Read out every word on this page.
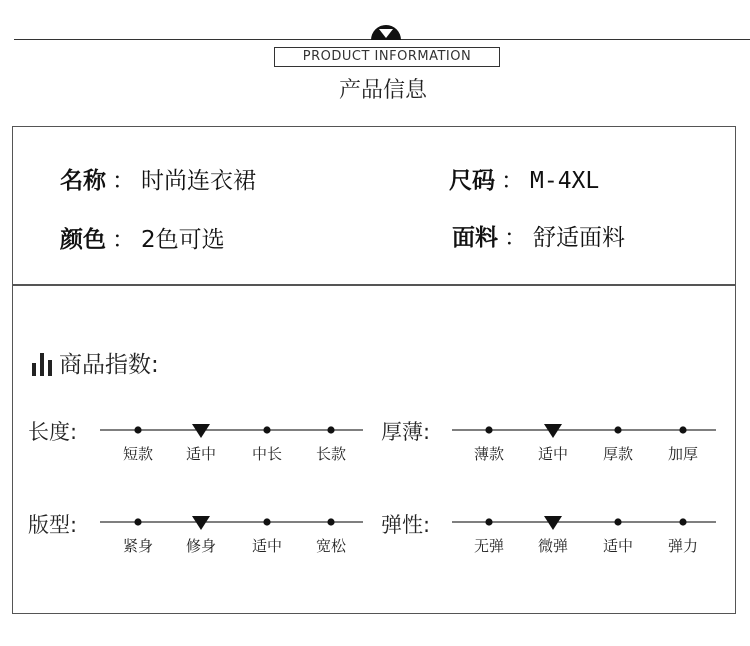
PRODUCT INFORMATION
产品信息
名称 ： 时尚连衣裙	尺码 ： M-4XL
颜色 ： 2色可选	面料 ： 舒适面料
商品指数:
长度:	厚薄:
版型:	弹性:
短款 适中 中长 长款	薄款 适中 厚款 加厚
紧身 修身 适中 宽松	无弹 微弹 适中 弹力
